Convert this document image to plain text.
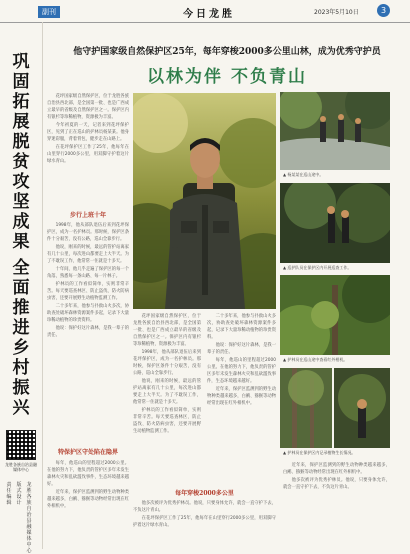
副刊	今日龙胜	2023年5月10日	3
巩固拓展脱贫攻坚成果
全面推进乡村振兴
龙胜各族自治县融媒体中心
责任编辑
版式设计
龙胜各族自治县融媒体中心
他守护国家级自然保护区25年，每年穿梭2000多公里山林，成为优秀守护员
以林为伴 不负青山

花坪国家级自然保护区，位于龙胜各族自治县西北部，是全国第一批、也是广西成立最早的省级及自然保护区之一。保护区内有银杉等珍稀植物，资源极为丰富。

今年初夏的一天，记者来到花坪保护区，见到了正在巡山的护林员杨某某。他身穿迷彩服，背着背包，健步走在山路上。

在花坪保护区工作了25年，他每年在山里穿行2000多公里，用双脚守护着这片绿水青山。

步行上班十年

1998年，他从部队退伍后来到花坪保护区，成为一名护林员。那时候，保护区条件十分艰苦，没有公路，巡山全靠步行。

他说，刚来的时候，最远的管护站离家有几十公里，每次进山都要走上大半天。为了不耽误工作，他常常一住就是十多天。

十年间，他几乎走遍了保护区的每一个角落，熟悉每一条山路、每一片林子。

护林员的工作看似简单，实则非常辛苦。每天要巡查林区、防止盗伐、防火防病虫害，还要开展野生动植物监测工作。

二十多年来，他参与扑救山火多次，协助查处破坏森林资源案件多起，记录下大量珍稀动植物的珍贵资料。

他说：保护好这片森林，是我一辈子的责任。

特保护区守处陷在隐界

每年，他巡山的里程超过2000公里。在他的努力下，他负责的管护区多年未发生森林火灾和乱砍滥伐事件，生态环境越来越好。

近年来，保护区监测到的野生动物种类越来越多，白鹇、猕猴等动物经常出现在红外相机中。

花坪国家级自然保护区，位于龙胜各族自治县西北部，是全国第一批、也是广西成立最早的省级及自然保护区之一。保护区内有银杉等珍稀植物，资源极为丰富。

1998年，他从部队退伍后来到花坪保护区，成为一名护林员。那时候，保护区条件十分艰苦，没有公路，巡山全靠步行。

他说，刚来的时候，最远的管护站离家有几十公里，每次进山都要走上大半天。为了不耽误工作，他常常一住就是十多天。

护林员的工作看似简单，实则非常辛苦。每天要巡查林区、防止盗伐、防火防病虫害，还要开展野生动植物监测工作。

二十多年来，他参与扑救山火多次，协助查处破坏森林资源案件多起，记录下大量珍稀动植物的珍贵资料。

他说：保护好这片森林，是我一辈子的责任。

每年，他巡山的里程超过2000公里。在他的努力下，他负责的管护区多年未发生森林火灾和乱砍滥伐事件，生态环境越来越好。

近年来，保护区监测到的野生动物种类越来越多，白鹇、猕猴等动物经常出现在红外相机中。

每年穿梭2000多公里

他多次被评为优秀护林员。他说，只要身体允许，就会一直守护下去，不负这片青山。

在花坪保护区工作了25年，他每年在山里穿行2000多公里，用双脚守护着这片绿水青山。

▲ 杨某某在巡山途中。
▲ 巡护队员在保护区内开展巡查工作。
▲ 护林员在巡山途中查看红外相机。
▲ 护林员在保护区内记录植物生长情况。

近年来，保护区监测到的野生动物种类越来越多，白鹇、猕猴等动物经常出现在红外相机中。

他多次被评为优秀护林员。他说，只要身体允许，就会一直守护下去，不负这片青山。
